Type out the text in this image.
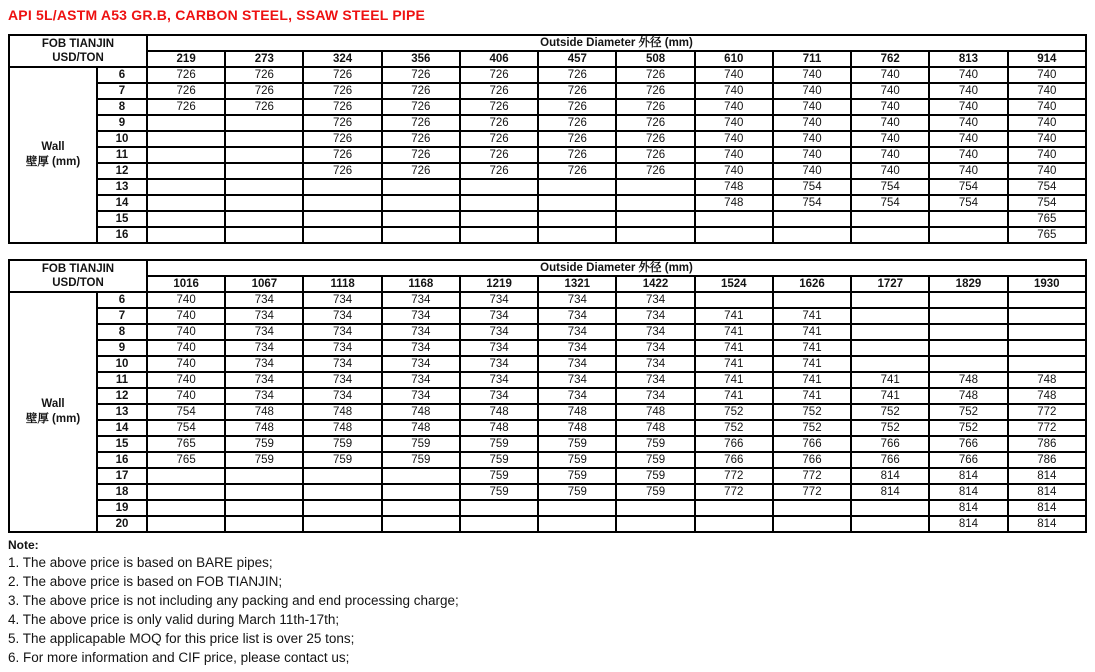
API 5L/ASTM A53 GR.B, CARBON STEEL, SSAW STEEL PIPE
FOB TIANJIN
USD/TON		Outside Diameter 外径 (mm)											
		219	273	324	356	406	457	508	610	711	762	813	914

Wall
壁厚 (mm)	6	726	726	726	726	726	726	726	740	740	740	740	740
	7	726	726	726	726	726	726	726	740	740	740	740	740
	8	726	726	726	726	726	726	726	740	740	740	740	740
	9			726	726	726	726	726	740	740	740	740	740
	10			726	726	726	726	726	740	740	740	740	740
	11			726	726	726	726	726	740	740	740	740	740
	12			726	726	726	726	726	740	740	740	740	740
	13								748	754	754	754	754
	14								748	754	754	754	754
	15												765
	16												765
FOB TIANJIN
USD/TON		Outside Diameter 外径 (mm)											
		1016	1067	1118	1168	1219	1321	1422	1524	1626	1727	1829	1930

Wall
壁厚 (mm)	6	740	734	734	734	734	734	734					
	7	740	734	734	734	734	734	734	741	741			
	8	740	734	734	734	734	734	734	741	741			
	9	740	734	734	734	734	734	734	741	741			
	10	740	734	734	734	734	734	734	741	741			
	11	740	734	734	734	734	734	734	741	741	741	748	748
	12	740	734	734	734	734	734	734	741	741	741	748	748
	13	754	748	748	748	748	748	748	752	752	752	752	772
	14	754	748	748	748	748	748	748	752	752	752	752	772
	15	765	759	759	759	759	759	759	766	766	766	766	786
	16	765	759	759	759	759	759	759	766	766	766	766	786
	17					759	759	759	772	772	814	814	814
	18					759	759	759	772	772	814	814	814
	19											814	814
	20											814	814
Note:
1. The above price is based on BARE pipes;
2. The above price is based on FOB TIANJIN;
3. The above price is not including any packing and end processing charge;
4. The above price is only valid during March 11th-17th;
5. The applicapable MOQ for this price list is over 25 tons;
6. For more information and CIF price, please contact us;
